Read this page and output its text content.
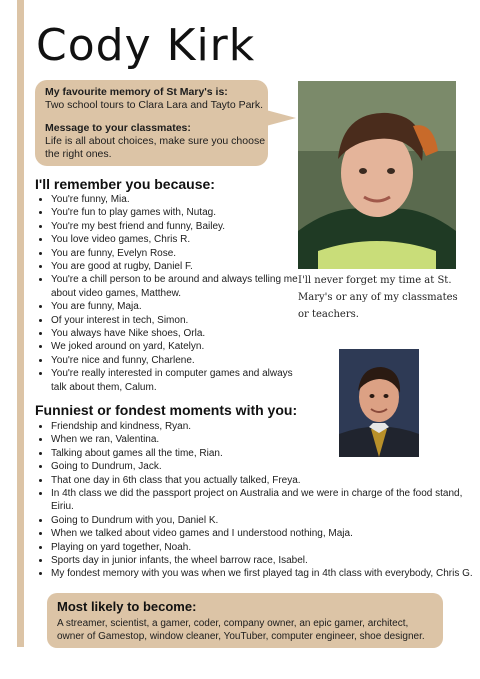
Cody Kirk
My favourite memory of St Mary's is:
Two school tours to Clara Lara and Tayto Park.
Message to your classmates:
Life is all about choices, make sure you choose the right ones.
I'll never forget my time at St. Mary's or any of my classmates or teachers.
I'll remember you because:
• You're funny, Mia.
• You're fun to play games with, Nutag.
• You're my best friend and funny, Bailey.
• You love video games, Chris R.
• You are funny, Evelyn Rose.
• You are good at rugby, Daniel F.
• You're a chill person to be around and always telling me about video games, Matthew.
• You are funny, Maja.
• Of your interest in tech, Simon.
• You always have Nike shoes, Orla.
• We joked around on yard, Katelyn.
• You're nice and funny, Charlene.
• You're really interested in computer games and always talk about them, Calum.
Funniest or fondest moments with you:
• Friendship and kindness, Ryan.
• When we ran, Valentina.
• Talking about games all the time, Rian.
• Going to Dundrum, Jack.
• That one day in 6th class that you actually talked, Freya.
• In 4th class we did the passport project on Australia and we were in charge of the food stand, Eiriu.
• Going to Dundrum with you, Daniel K.
• When we talked about video games and I understood nothing, Maja.
• Playing on yard together, Noah.
• Sports day in junior infants, the wheel barrow race, Isabel.
• My fondest memory with you was when we first played tag in 4th class with everybody, Chris G.
Most likely to become:
A streamer, scientist, a gamer, coder, company owner, an epic gamer, architect, owner of Gamestop, window cleaner, YouTuber, computer engineer, shoe designer.
